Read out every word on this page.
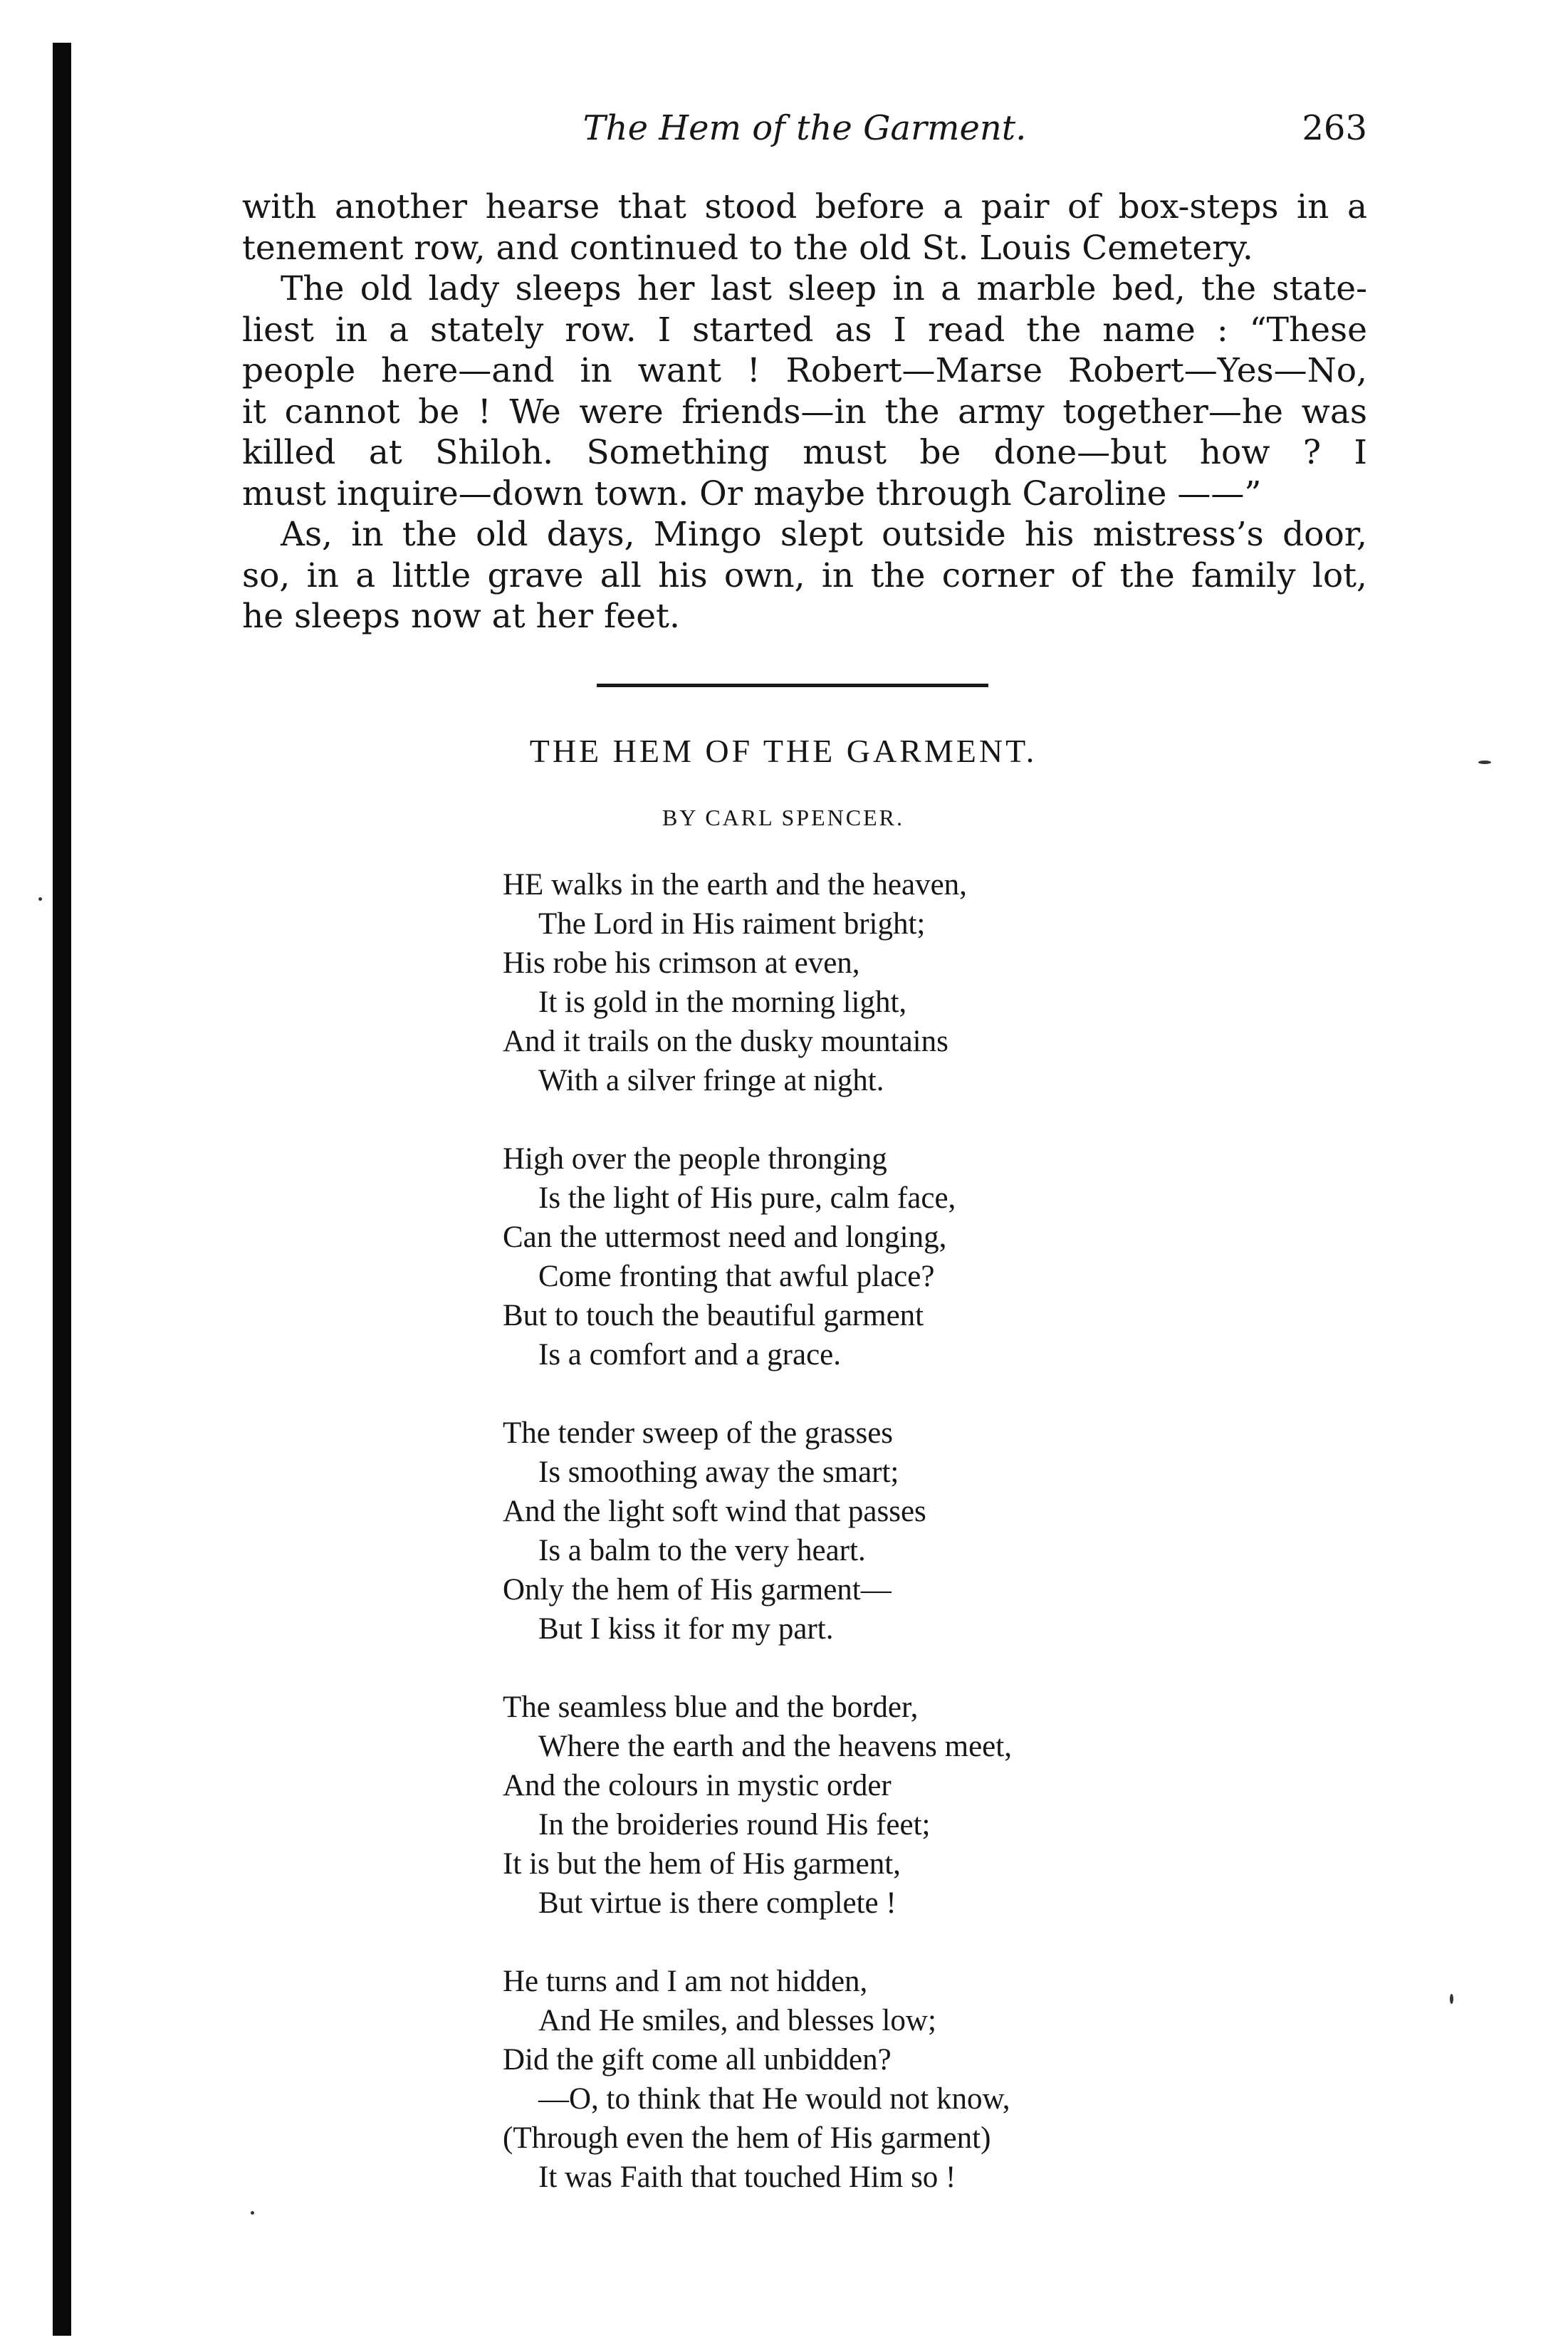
The Hem of the Garment.	263
with another hearse that stood before a pair of box-steps in a
tenement row, and continued to the old St. Louis Cemetery.
The old lady sleeps her last sleep in a marble bed, the state-
liest in a stately row. I started as I read the name : “These
people here—and in want ! Robert—Marse Robert—Yes—No,
it cannot be ! We were friends—in the army together—he was
killed at Shiloh. Something must be done—but how ? I
must inquire—down town. Or maybe through Caroline ——”
As, in the old days, Mingo slept outside his mistress’s door,
so, in a little grave all his own, in the corner of the family lot,
he sleeps now at her feet.
THE HEM OF THE GARMENT.
BY CARL SPENCER.
HE walks in the earth and the heaven,
The Lord in His raiment bright;
His robe his crimson at even,
It is gold in the morning light,
And it trails on the dusky mountains
With a silver fringe at night.
High over the people thronging
Is the light of His pure, calm face,
Can the uttermost need and longing,
Come fronting that awful place?
But to touch the beautiful garment
Is a comfort and a grace.
The tender sweep of the grasses
Is smoothing away the smart;
And the light soft wind that passes
Is a balm to the very heart.
Only the hem of His garment—
But I kiss it for my part.
The seamless blue and the border,
Where the earth and the heavens meet,
And the colours in mystic order
In the broideries round His feet;
It is but the hem of His garment,
But virtue is there complete !
He turns and I am not hidden,
And He smiles, and blesses low;
Did the gift come all unbidden?
—O, to think that He would not know,
(Through even the hem of His garment)
It was Faith that touched Him so !
